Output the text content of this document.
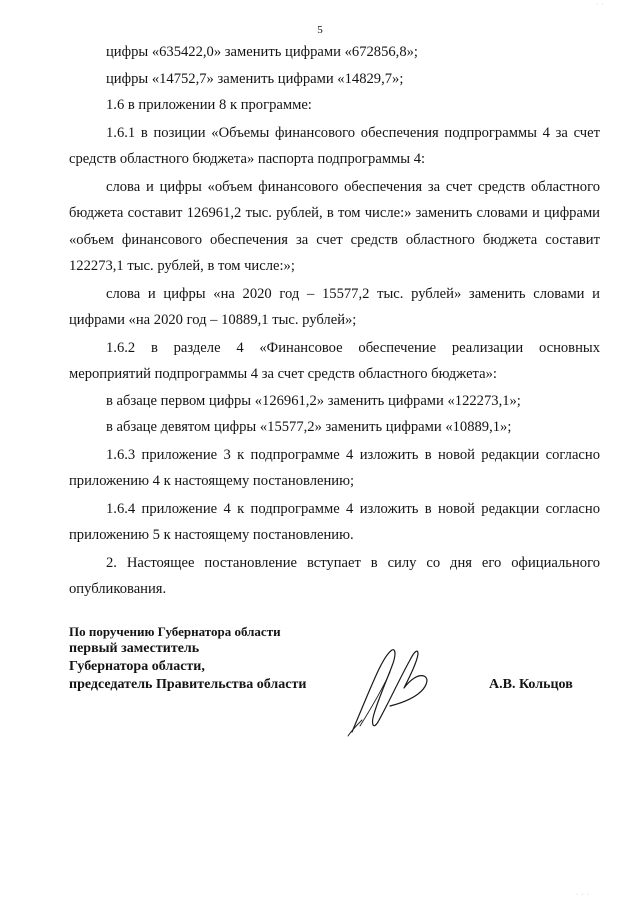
5

цифры «635422,0» заменить цифрами «672856,8»;

цифры «14752,7» заменить цифрами «14829,7»;

1.6 в приложении 8 к программе:

1.6.1 в позиции «Объемы финансового обеспечения подпрограммы 4 за счет средств областного бюджета» паспорта подпрограммы 4:

слова и цифры «объем финансового обеспечения за счет средств областного бюджета составит 126961,2 тыс. рублей, в том числе:» заменить словами и цифрами «объем финансового обеспечения за счет средств областного бюджета составит 122273,1 тыс. рублей, в том числе:»;

слова и цифры «на 2020 год – 15577,2 тыс. рублей» заменить словами и цифрами «на 2020 год – 10889,1 тыс. рублей»;

1.6.2 в разделе 4 «Финансовое обеспечение реализации основных мероприятий подпрограммы 4 за счет средств областного бюджета»:

в абзаце первом цифры «126961,2» заменить цифрами «122273,1»;

в абзаце девятом цифры «15577,2» заменить цифрами «10889,1»;

1.6.3 приложение 3 к подпрограмме 4 изложить в новой редакции согласно приложению 4 к настоящему постановлению;

1.6.4 приложение 4 к подпрограмме 4 изложить в новой редакции согласно приложению 5 к настоящему постановлению.

2. Настоящее постановление вступает в силу со дня его официального опубликования.

По поручению Губернатора области
первый заместитель
Губернатора области,
председатель Правительства области	А.В. Кольцов
· ·
· · ·
